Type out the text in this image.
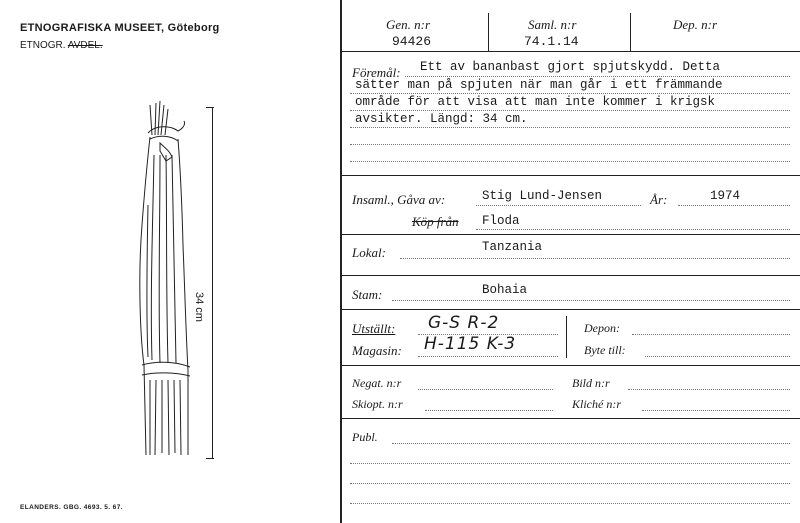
ETNOGRAFISKA MUSEET, Göteborg
ETNOGR. AVDEL.
34 cm
ELANDERS. GBG. 4693. 5. 67.
Gen. n:r
94426
Saml. n:r
74.1.14
Dep. n:r
Föremål: Ett av bananbast gjort spjutskydd. Detta
sätter man på spjuten när man går i ett främmande
område för att visa att man inte kommer i krigsk
avsikter. Längd: 34 cm.
Insaml., Gåva av:	Stig Lund-Jensen	År:	1974
Köp från Floda
Lokal:	Tanzania
Stam:	Bohaia
Utställt: G-S R-2
Magasin: H-115 K-3
Depon:
Byte till:
Negat. n:r
Skiopt. n:r
Bild n:r
Kliché n:r
Publ.
